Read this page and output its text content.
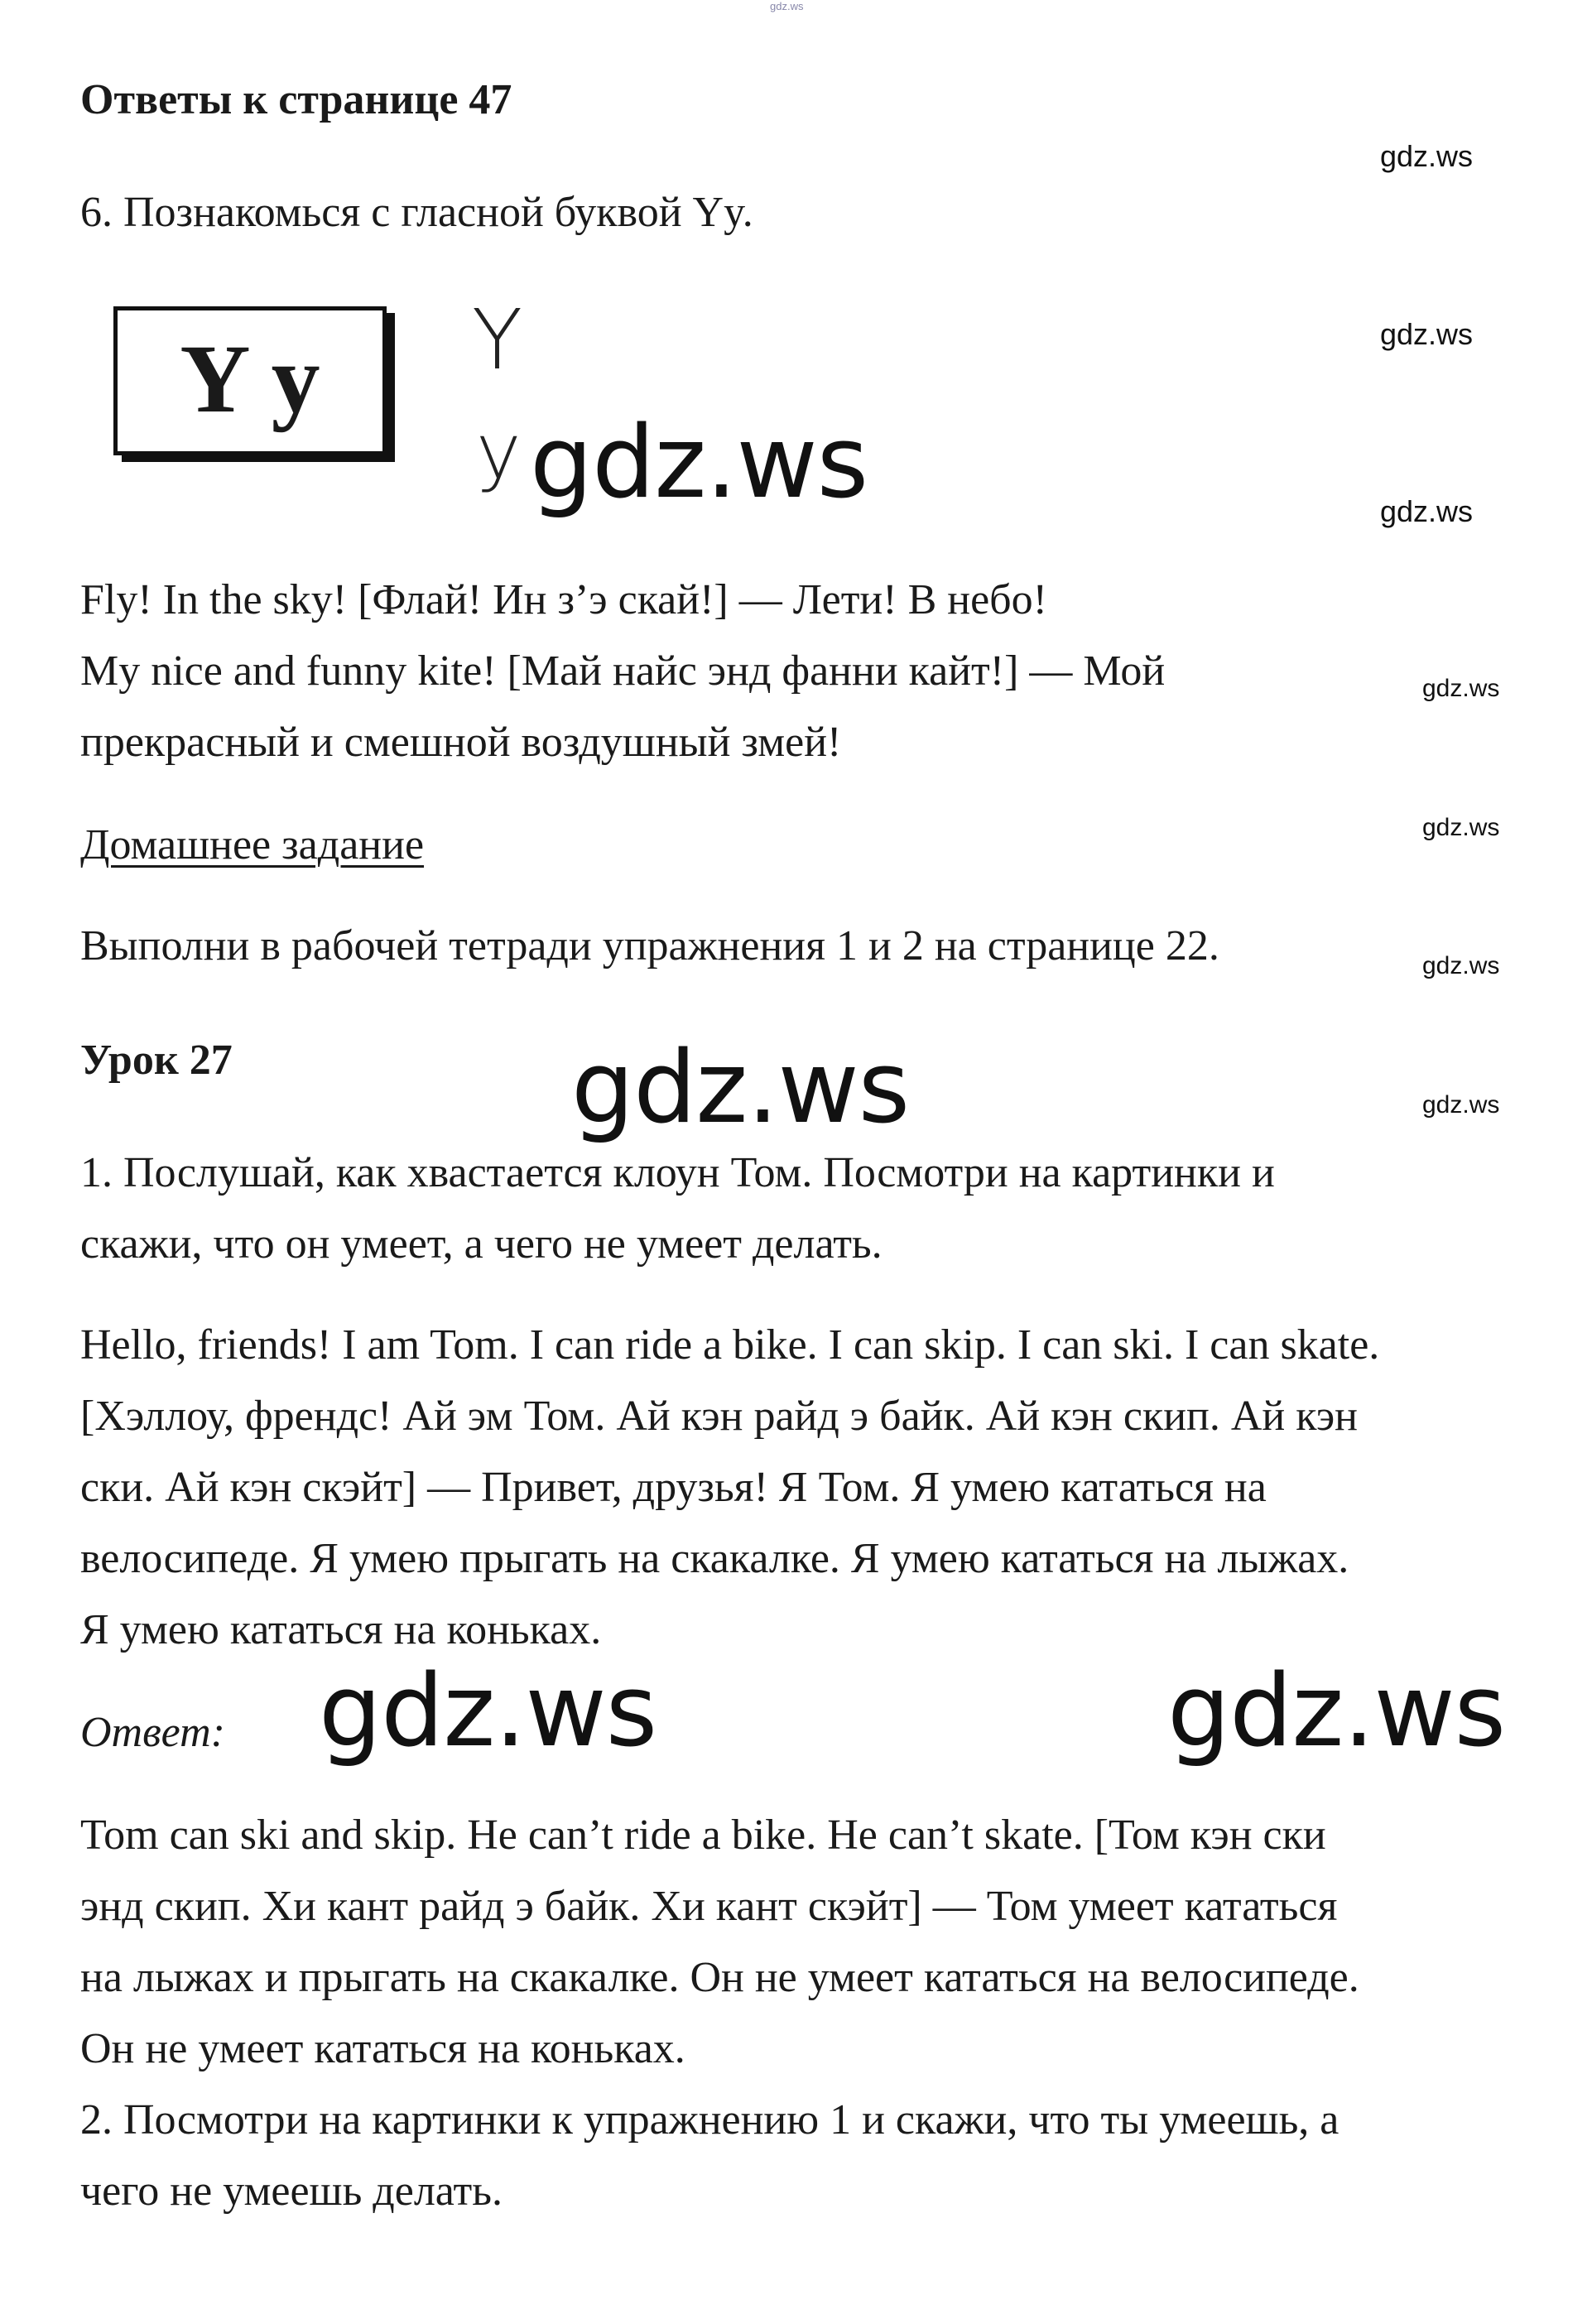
gdz.ws
Ответы к странице 47
gdz.ws
6. Познакомься с гласной буквой Yy.
Y y	Y
y gdz.ws
gdz.ws
gdz.ws
Fly! In the sky! [Флай! Ин з’э скай!] — Лети! В небо!
My nice and funny kite! [Май найс энд фанни кайт!] — Мой
прекрасный и смешной воздушный змей!
gdz.ws
Домашнее задание	gdz.ws
Выполни в рабочей тетради упражнения 1 и 2 на странице 22.	gdz.ws
Урок 27	gdz.ws	gdz.ws
1. Послушай, как хвастается клоун Том. Посмотри на картинки и
скажи, что он умеет, а чего не умеет делать.
Hello, friends! I am Tom. I can ride a bike. I can skip. I can ski. I can skate.
[Хэллоу, френдс! Ай эм Том. Ай кэн райд э байк. Ай кэн скип. Ай кэн
ски. Ай кэн скэйт] — Привет, друзья! Я Том. Я умею кататься на
велосипеде. Я умею прыгать на скакалке. Я умею кататься на лыжах.
Я умею кататься на коньках.
Ответ: gdz.ws	gdz.ws
Tom can ski and skip. He can’t ride a bike. He can’t skate. [Том кэн ски
энд скип. Хи кант райд э байк. Хи кант скэйт] — Том умеет кататься
на лыжах и прыгать на скакалке. Он не умеет кататься на велосипеде.
Он не умеет кататься на коньках.
2. Посмотри на картинки к упражнению 1 и скажи, что ты умеешь, а
чего не умеешь делать.
